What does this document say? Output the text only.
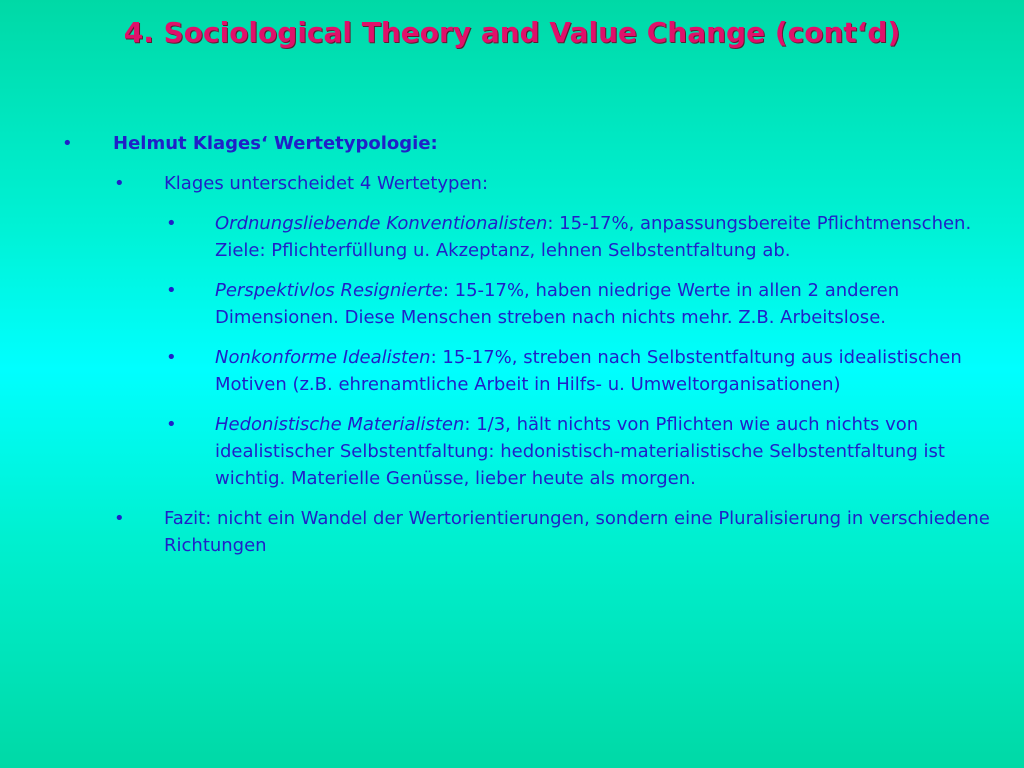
4. Sociological Theory and Value Change (cont‘d)
• Helmut Klages‘ Wertetypologie:
• Klages unterscheidet 4 Wertetypen:
• Ordnungsliebende Konventionalisten: 15-17%, anpassungsbereite Pflichtmenschen. Ziele: Pflichterfüllung u. Akzeptanz, lehnen Selbstentfaltung ab.
• Perspektivlos Resignierte: 15-17%, haben niedrige Werte in allen 2 anderen Dimensionen. Diese Menschen streben nach nichts mehr. Z.B. Arbeitslose.
• Nonkonforme Idealisten: 15-17%, streben nach Selbstentfaltung aus idealistischen Motiven (z.B. ehrenamtliche Arbeit in Hilfs- u. Umweltorganisationen)
• Hedonistische Materialisten: 1/3, hält nichts von Pflichten wie auch nichts von idealistischer Selbstentfaltung: hedonistisch-materialistische Selbstentfaltung ist wichtig. Materielle Genüsse, lieber heute als morgen.
• Fazit: nicht ein Wandel der Wertorientierungen, sondern eine Pluralisierung in verschiedene Richtungen
